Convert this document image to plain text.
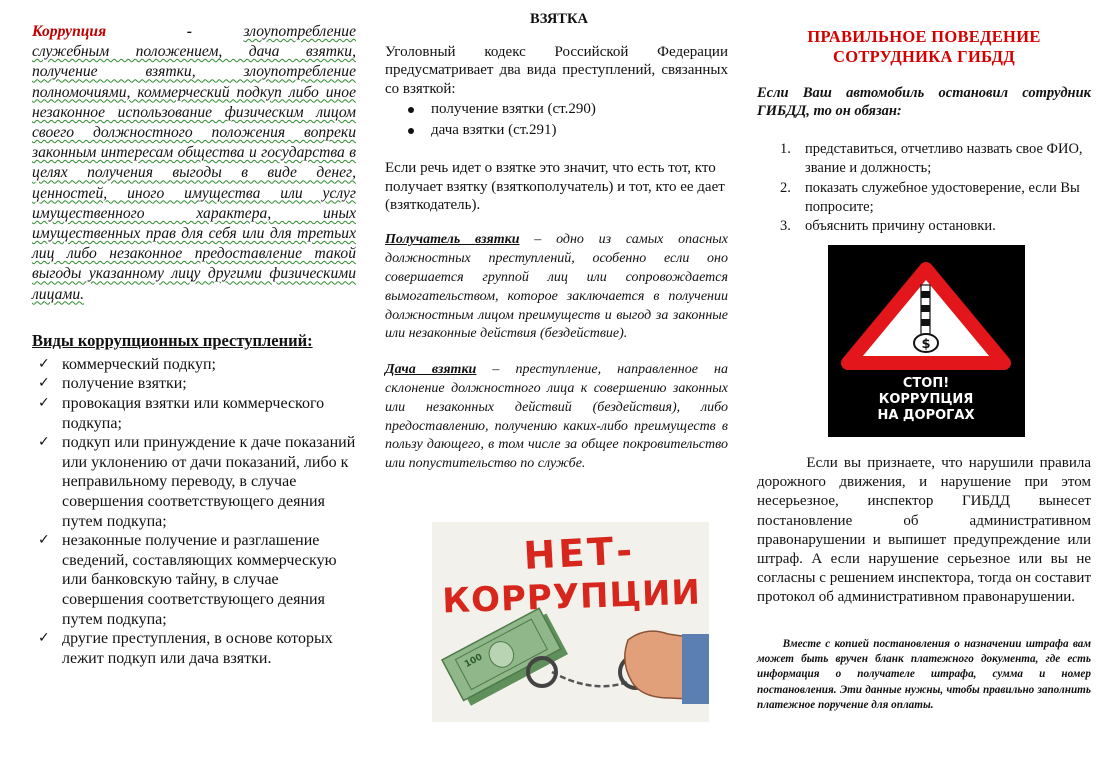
Коррупция	-	злоупотребление служебным положением, дача взятки, получение взятки, злоупотребление полномочиями, коммерческий подкуп либо иное незаконное использование физическим лицом своего должностного положения вопреки законным интересам общества и государства в целях получения выгоды в виде денег, ценностей, иного имущества или услуг имущественного характера, иных имущественных прав для себя или для третьих лиц либо незаконное предоставление такой выгоды указанному лицу другими физическими лицами.

Виды коррупционных преступлений:
✓ коммерческий подкуп;
✓ получение взятки;
✓ провокация взятки или коммерческого подкупа;
✓ подкуп или принуждение к даче показаний или уклонению от дачи показаний, либо к неправильному переводу, в случае совершения соответствующего деяния путем подкупа;
✓ незаконные получение и разглашение сведений, составляющих коммерческую или банковскую тайну, в случае совершения соответствующего деяния путем подкупа;
✓ другие преступления, в основе которых лежит подкуп или дача взятки.
ВЗЯТКА

Уголовный кодекс Российской Федерации предусматривает два вида преступлений, связанных со взяткой:

получение взятки (ст.290)
дача взятки (ст.291)

Если речь идет о взятке это значит, что есть тот, кто получает взятку (взяткополучатель) и тот, кто ее дает (взяткодатель).

Получатель взятки – одно из самых опасных должностных преступлений, особенно если оно совершается группой лиц или сопровождается вымогательством, которое заключается в получении должностным лицом преимуществ и выгод за законные или незаконные действия (бездействие).

Дача взятки – преступление, направленное на склонение должностного лица к совершению законных или незаконных действий (бездействия), либо предоставлению, получению каких-либо преимуществ в пользу дающего, в том числе за общее покровительство или попустительство по службе.

НЕТ-
КОРРУПЦИИ
100
ПРАВИЛЬНОЕ ПОВЕДЕНИЕ
СОТРУДНИКА ГИБДД

Если Ваш автомобиль остановил сотрудник ГИБДД, то он обязан:

1. представиться, отчетливо назвать свое ФИО, звание и должность;
2. показать служебное удостоверение, если Вы попросите;
3. объяснить причину остановки.
$
СТОП!
КОРРУПЦИЯ
НА ДОРОГАХ

Если вы признаете, что нарушили правила дорожного движения, и нарушение при этом несерьезное, инспектор ГИБДД вынесет постановление об административном правонарушении и выпишет предупреждение или штраф. А если нарушение серьезное или вы не согласны с решением инспектора, тогда он составит протокол об административном правонарушении.

Вместе с копией постановления о назначении штрафа вам может быть вручен бланк платежного документа, где есть информация о получателе штрафа, сумма и номер постановления. Эти данные нужны, чтобы правильно заполнить платежное поручение для оплаты.
